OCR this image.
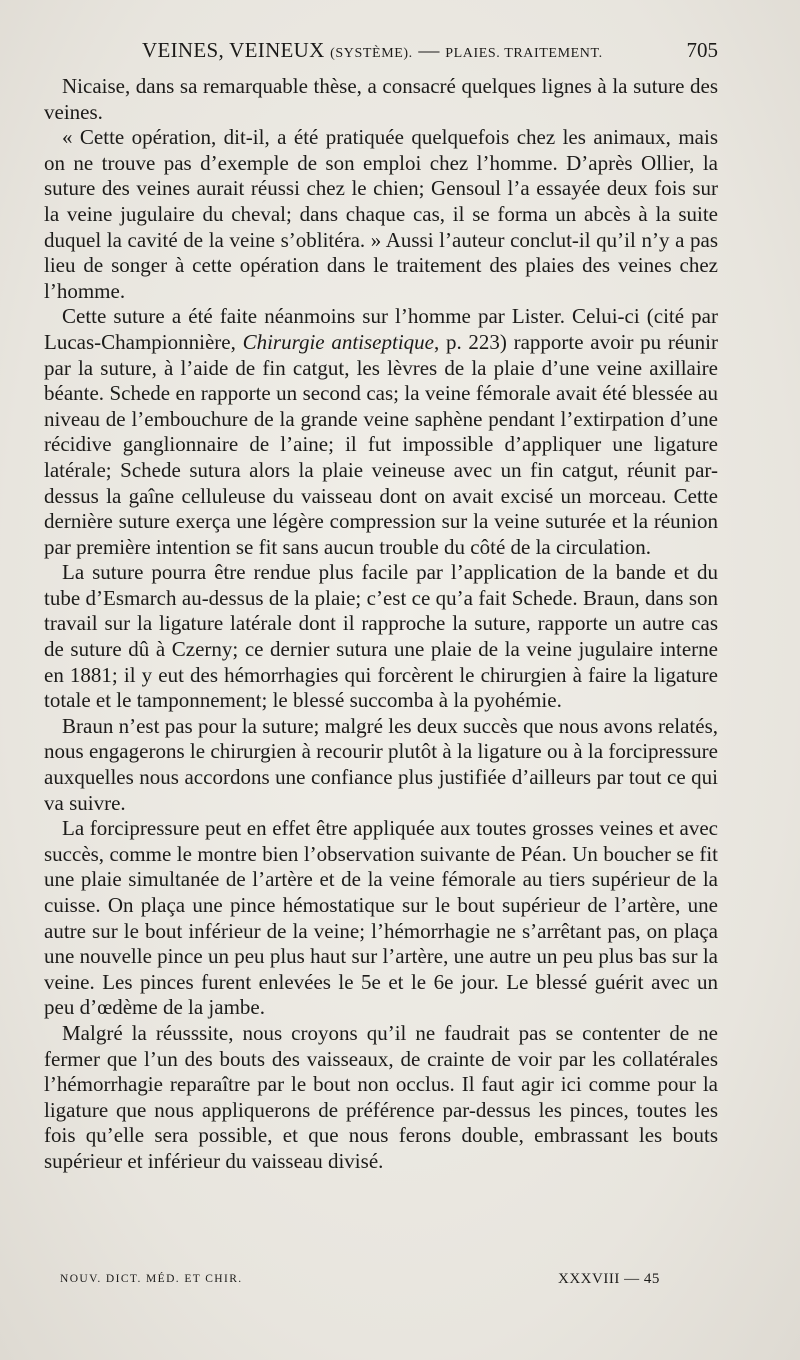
VEINES, VEINEUX (SYSTÈME). — PLAIES. TRAITEMENT.	705

Nicaise, dans sa remarquable thèse, a consacré quelques lignes à la suture des veines.

« Cette opération, dit-il, a été pratiquée quelquefois chez les animaux, mais on ne trouve pas d’exemple de son emploi chez l’homme. D’après Ollier, la suture des veines aurait réussi chez le chien; Gensoul l’a essayée deux fois sur la veine jugulaire du cheval; dans chaque cas, il se forma un abcès à la suite duquel la cavité de la veine s’oblitéra. » Aussi l’auteur conclut-il qu’il n’y a pas lieu de songer à cette opération dans le traitement des plaies des veines chez l’homme.

Cette suture a été faite néanmoins sur l’homme par Lister. Celui-ci (cité par Lucas-Championnière, Chirurgie antiseptique, p. 223) rapporte avoir pu réunir par la suture, à l’aide de fin catgut, les lèvres de la plaie d’une veine axillaire béante. Schede en rapporte un second cas; la veine fémorale avait été blessée au niveau de l’embouchure de la grande veine saphène pendant l’extirpation d’une récidive ganglionnaire de l’aine; il fut impossible d’appliquer une ligature latérale; Schede sutura alors la plaie veineuse avec un fin catgut, réunit par-dessus la gaîne celluleuse du vaisseau dont on avait excisé un morceau. Cette dernière suture exerça une légère compression sur la veine suturée et la réunion par première intention se fit sans aucun trouble du côté de la circulation.

La suture pourra être rendue plus facile par l’application de la bande et du tube d’Esmarch au-dessus de la plaie; c’est ce qu’a fait Schede. Braun, dans son travail sur la ligature latérale dont il rapproche la suture, rapporte un autre cas de suture dû à Czerny; ce dernier sutura une plaie de la veine jugulaire interne en 1881; il y eut des hémorrhagies qui forcèrent le chirurgien à faire la ligature totale et le tamponnement; le blessé succomba à la pyohémie.

Braun n’est pas pour la suture; malgré les deux succès que nous avons relatés, nous engagerons le chirurgien à recourir plutôt à la ligature ou à la forcipressure auxquelles nous accordons une confiance plus justifiée d’ailleurs par tout ce qui va suivre.

La forcipressure peut en effet être appliquée aux toutes grosses veines et avec succès, comme le montre bien l’observation suivante de Péan. Un boucher se fit une plaie simultanée de l’artère et de la veine fémorale au tiers supérieur de la cuisse. On plaça une pince hémostatique sur le bout supérieur de l’artère, une autre sur le bout inférieur de la veine; l’hémorrhagie ne s’arrêtant pas, on plaça une nouvelle pince un peu plus haut sur l’artère, une autre un peu plus bas sur la veine. Les pinces furent enlevées le 5e et le 6e jour. Le blessé guérit avec un peu d’œdème de la jambe.

Malgré la réusssite, nous croyons qu’il ne faudrait pas se contenter de ne fermer que l’un des bouts des vaisseaux, de crainte de voir par les collatérales l’hémorrhagie reparaître par le bout non occlus. Il faut agir ici comme pour la ligature que nous appliquerons de préférence par-dessus les pinces, toutes les fois qu’elle sera possible, et que nous ferons double, embrassant les bouts supérieur et inférieur du vaisseau divisé.

NOUV. DICT. MÉD. ET CHIR.	XXXVIII — 45
